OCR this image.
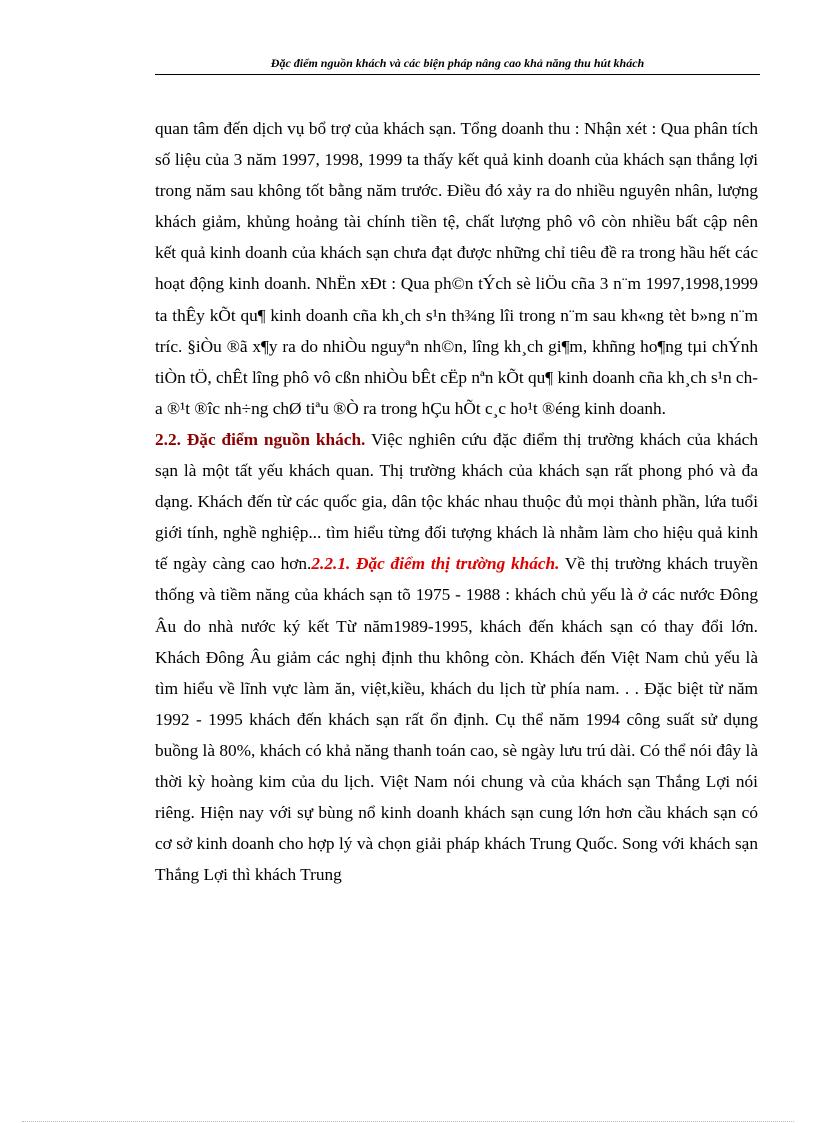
Đặc điểm nguồn khách và các biện pháp nâng cao khả năng thu hút khách

quan tâm đến dịch vụ bổ trợ của khách sạn. Tổng doanh thu : Nhận xét : Qua phân tích số liệu của 3 năm 1997, 1998, 1999 ta thấy kết quả kinh doanh của khách sạn thắng lợi trong năm sau không tốt bằng năm trước. Điều đó xảy ra do nhiều nguyên nhân, lượng khách giảm, khủng hoảng tài chính tiền tệ, chất lượng phô vô còn nhiều bất cập nên kết quả kinh doanh của khách sạn chưa đạt được những chỉ tiêu đề ra trong hầu hết các hoạt động kinh doanh. NhËn xÐt : Qua ph©n tÝch sè liÖu cña 3 n¨m 1997,1998,1999 ta thÊy kÕt qu¶ kinh doanh cña kh¸ch s¹n th¾ng lîi trong n¨m sau kh«ng tèt b»ng n¨m tríc. §iÒu ®ã x¶y ra do nhiÒu nguyªn nh©n, lîng kh¸ch gi¶m, khñng ho¶ng tµi chÝnh tiÒn tÖ, chÊt lîng phô vô cßn nhiÒu bÊt cËp nªn kÕt qu¶ kinh doanh cña kh¸ch s¹n cha ®¹t ®îc nh÷ng chØ tiªu ®Ò ra trong hÇu hÕt c¸c ho¹t ®éng kinh doanh.
2.2. Đặc điểm nguồn khách. Việc nghiên cứu đặc điểm thị trường khách của khách sạn là một tất yếu khách quan. Thị trường khách của khách sạn rất phong phó và đa dạng. Khách đến từ các quốc gia, dân tộc khác nhau thuộc đủ mọi thành phần, lứa tuổi giới tính, nghề nghiệp... tìm hiểu từng đối tượng khách là nhằm làm cho hiệu quả kinh tế ngày càng cao hơn.2.2.1. Đặc điểm thị trường khách. Về thị trường khách truyền thống và tiềm năng của khách sạn tõ 1975 - 1988 : khách chủ yếu là ở các nước Đông Âu do nhà nước ký kết Từ năm1989-1995, khách đến khách sạn có thay đổi lớn. Khách Đông Âu giảm các nghị định thu không còn. Khách đến Việt Nam chủ yếu là tìm hiểu về lĩnh vực làm ăn, việt,kiều, khách du lịch từ phía nam. . . Đặc biệt từ năm 1992 - 1995 khách đến khách sạn rất ổn định. Cụ thể năm 1994 công suất sử dụng buồng là 80%, khách có khả năng thanh toán cao, sè ngày lưu trú dài. Có thể nói đây là thời kỳ hoàng kim của du lịch. Việt Nam nói chung và của khách sạn Thắng Lợi nói riêng. Hiện nay với sự bùng nổ kinh doanh khách sạn cung lớn hơn cầu khách sạn có cơ sở kinh doanh cho hợp lý và chọn giải pháp khách Trung Quốc. Song với khách sạn Thắng Lợi thì khách Trung
